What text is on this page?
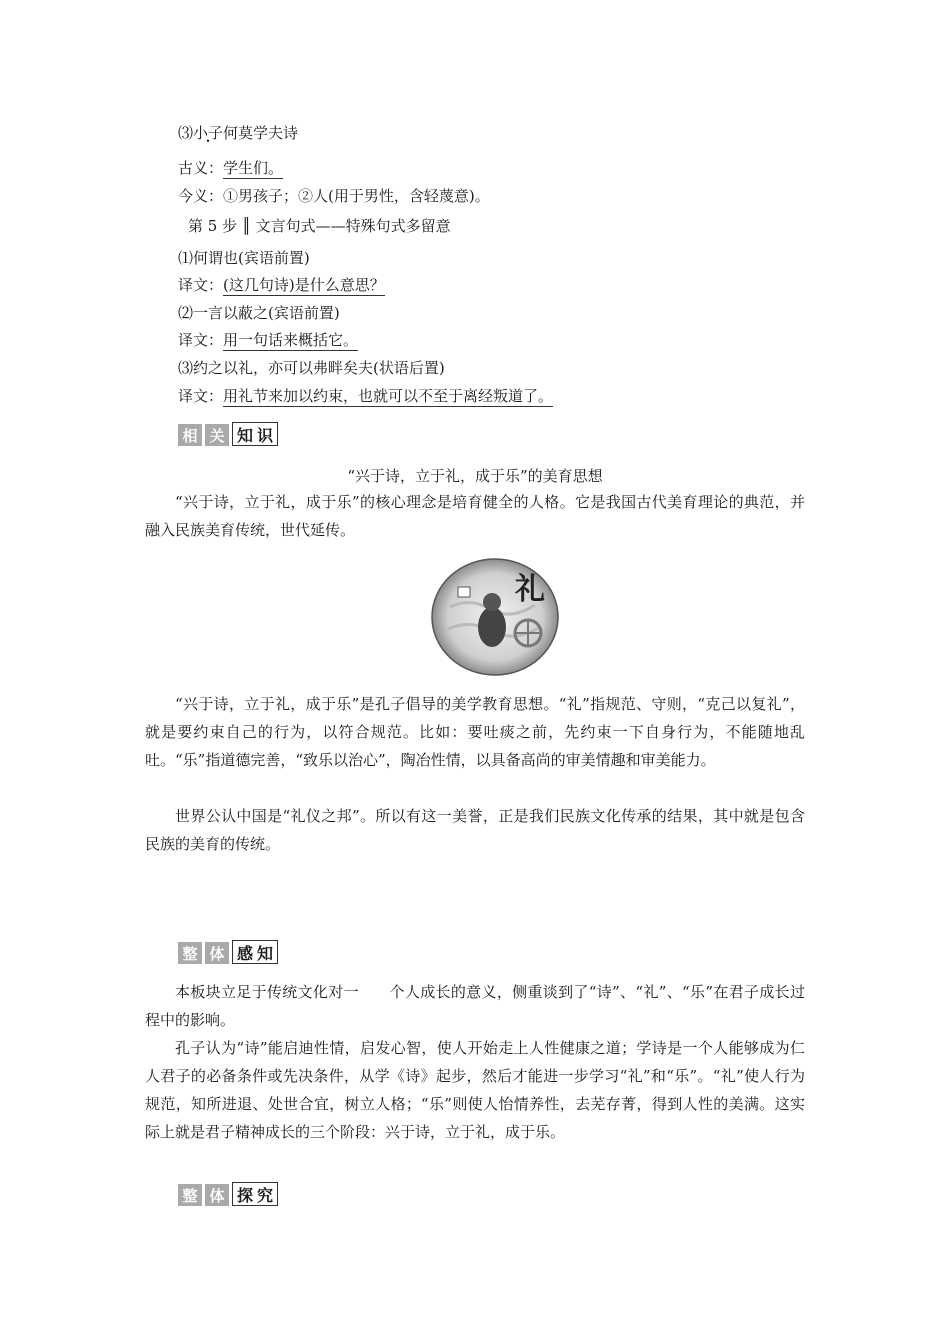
⑶小子何莫学夫诗
古义：学生们。
今义：①男孩子；②人(用于男性，含轻蔑意)。
第 5 步 ║ 文言句式——特殊句式多留意
⑴何谓也(宾语前置)
译文：(这几句诗)是什么意思？
⑵一言以蔽之(宾语前置)
译文：用一句话来概括它。
⑶约之以礼，亦可以弗畔矣夫(状语后置)
译文：用礼节来加以约束，也就可以不至于离经叛道了。
相 关 知 识
“兴于诗，立于礼，成于乐”的美育思想

“兴于诗，立于礼，成于乐”的核心理念是培育健全的人格。它是我国古代美育理论的典范，并融入民族美育传统，世代延传。

礼

“兴于诗，立于礼，成于乐”是孔子倡导的美学教育思想。“礼”指规范、守则，“克己以复礼”，就是要约束自己的行为，以符合规范。比如：要吐痰之前，先约束一下自身行为，不能随地乱吐。“乐”指道德完善，“致乐以治心”，陶冶性情，以具备高尚的审美情趣和审美能力。

世界公认中国是“礼仪之邦”。所以有这一美誉，正是我们民族文化传承的结果，其中就是包含民族的美育的传统。

整 体 感 知

本板块立足于传统文化对一　　个人成长的意义，侧重谈到了“诗”、“礼”、“乐”在君子成长过程中的影响。

孔子认为“诗”能启迪性情，启发心智，使人开始走上人性健康之道；学诗是一个人能够成为仁人君子的必备条件或先决条件，从学《诗》起步，然后才能进一步学习“礼”和“乐”。“礼”使人行为规范，知所进退、处世合宜，树立人格；“乐”则使人怡情养性，去芜存菁，得到人性的美满。这实际上就是君子精神成长的三个阶段：兴于诗，立于礼，成于乐。

整 体 探 究
